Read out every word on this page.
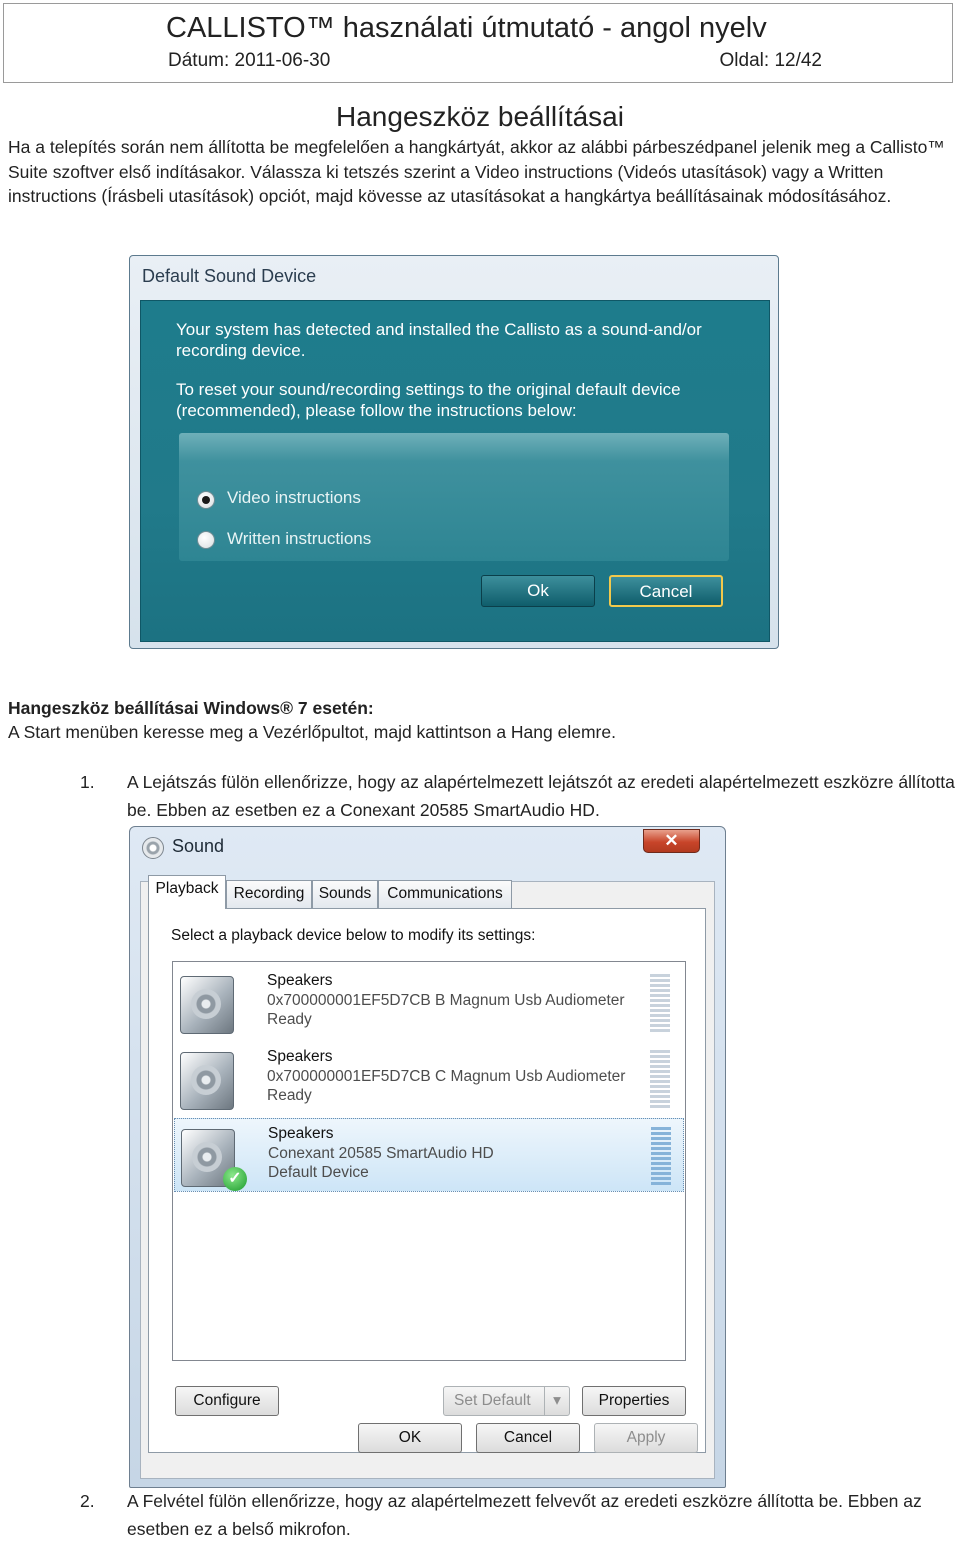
CALLISTO™ használati útmutató - angol nyelv
Dátum: 2011-06-30	Oldal: 12/42
Hangeszköz beállításai
Ha a telepítés során nem állította be megfelelően a hangkártyát, akkor az alábbi párbeszédpanel jelenik meg a Callisto™ Suite szoftver első indításakor. Válassza ki tetszés szerint a Video instructions (Videós utasítások) vagy a Written instructions (Írásbeli utasítások) opciót, majd kövesse az utasításokat a hangkártya beállításainak módosításához.
Default Sound Device
Your system has detected and installed the Callisto as a sound-and/or recording device.
To reset your sound/recording settings to the original default device (recommended), please follow the instructions below:
Video instructions
Written instructions
Ok	Cancel
Hangeszköz beállításai Windows® 7 esetén:
A Start menüben keresse meg a Vezérlőpultot, majd kattintson a Hang elemre.
1. A Lejátszás fülön ellenőrizze, hogy az alapértelmezett lejátszót az eredeti alapértelmezett eszközre állította be. Ebben az esetben ez a Conexant 20585 SmartAudio HD.
Sound	✕
Playback Recording Sounds	Communications
Select a playback device below to modify its settings:
Speakers
0x700000001EF5D7CB B Magnum Usb Audiometer
Ready
Speakers
0x700000001EF5D7CB C Magnum Usb Audiometer
Ready
✓
Speakers
Conexant 20585 SmartAudio HD
Default Device
Configure	Set Default	▾	Properties
OK	Cancel	Apply
2. A Felvétel fülön ellenőrizze, hogy az alapértelmezett felvevőt az eredeti eszközre állította be. Ebben az esetben ez a belső mikrofon.
